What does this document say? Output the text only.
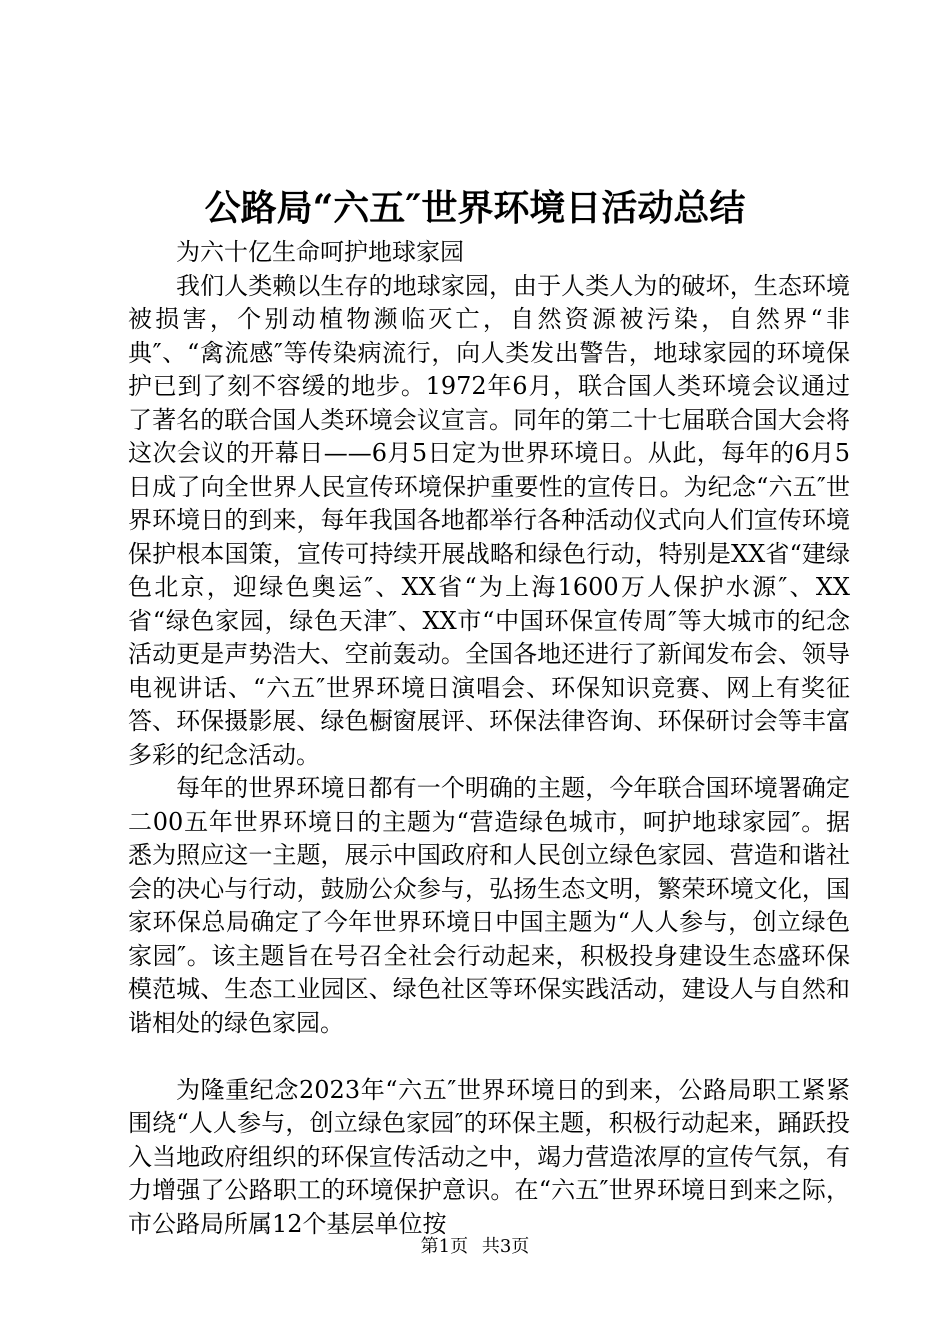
公路局“六五″世界环境日活动总结

为六十亿生命呵护地球家园

我们人类赖以生存的地球家园，由于人类人为的破坏，生态环境被损害，个别动植物濒临灭亡，自然资源被污染，自然界“非典″、“禽流感″等传染病流行，向人类发出警告，地球家园的环境保护已到了刻不容缓的地步。1972年6月，联合国人类环境会议通过了著名的联合国人类环境会议宣言。同年的第二十七届联合国大会将这次会议的开幕日——6月5日定为世界环境日。从此，每年的6月5日成了向全世界人民宣传环境保护重要性的宣传日。为纪念“六五″世界环境日的到来，每年我国各地都举行各种活动仪式向人们宣传环境保护根本国策，宣传可持续开展战略和绿色行动，特别是XX省“建绿色北京，迎绿色奥运″、XX省“为上海1600万人保护水源″、XX省“绿色家园，绿色天津″、XX市“中国环保宣传周″等大城市的纪念活动更是声势浩大、空前轰动。全国各地还进行了新闻发布会、领导电视讲话、“六五″世界环境日演唱会、环保知识竞赛、网上有奖征答、环保摄影展、绿色橱窗展评、环保法律咨询、环保研讨会等丰富多彩的纪念活动。

每年的世界环境日都有一个明确的主题，今年联合国环境署确定二00五年世界环境日的主题为“营造绿色城市，呵护地球家园″。据悉为照应这一主题，展示中国政府和人民创立绿色家园、营造和谐社会的决心与行动，鼓励公众参与，弘扬生态文明，繁荣环境文化，国家环保总局确定了今年世界环境日中国主题为“人人参与，创立绿色家园″。该主题旨在号召全社会行动起来，积极投身建设生态盛环保模范城、生态工业园区、绿色社区等环保实践活动，建设人与自然和谐相处的绿色家园。

为隆重纪念2023年“六五″世界环境日的到来，公路局职工紧紧围绕“人人参与，创立绿色家园″的环保主题，积极行动起来，踊跃投入当地政府组织的环保宣传活动之中，竭力营造浓厚的宣传气氛，有力增强了公路职工的环境保护意识。在“六五″世界环境日到来之际，市公路局所属12个基层单位按

第1页 共3页
